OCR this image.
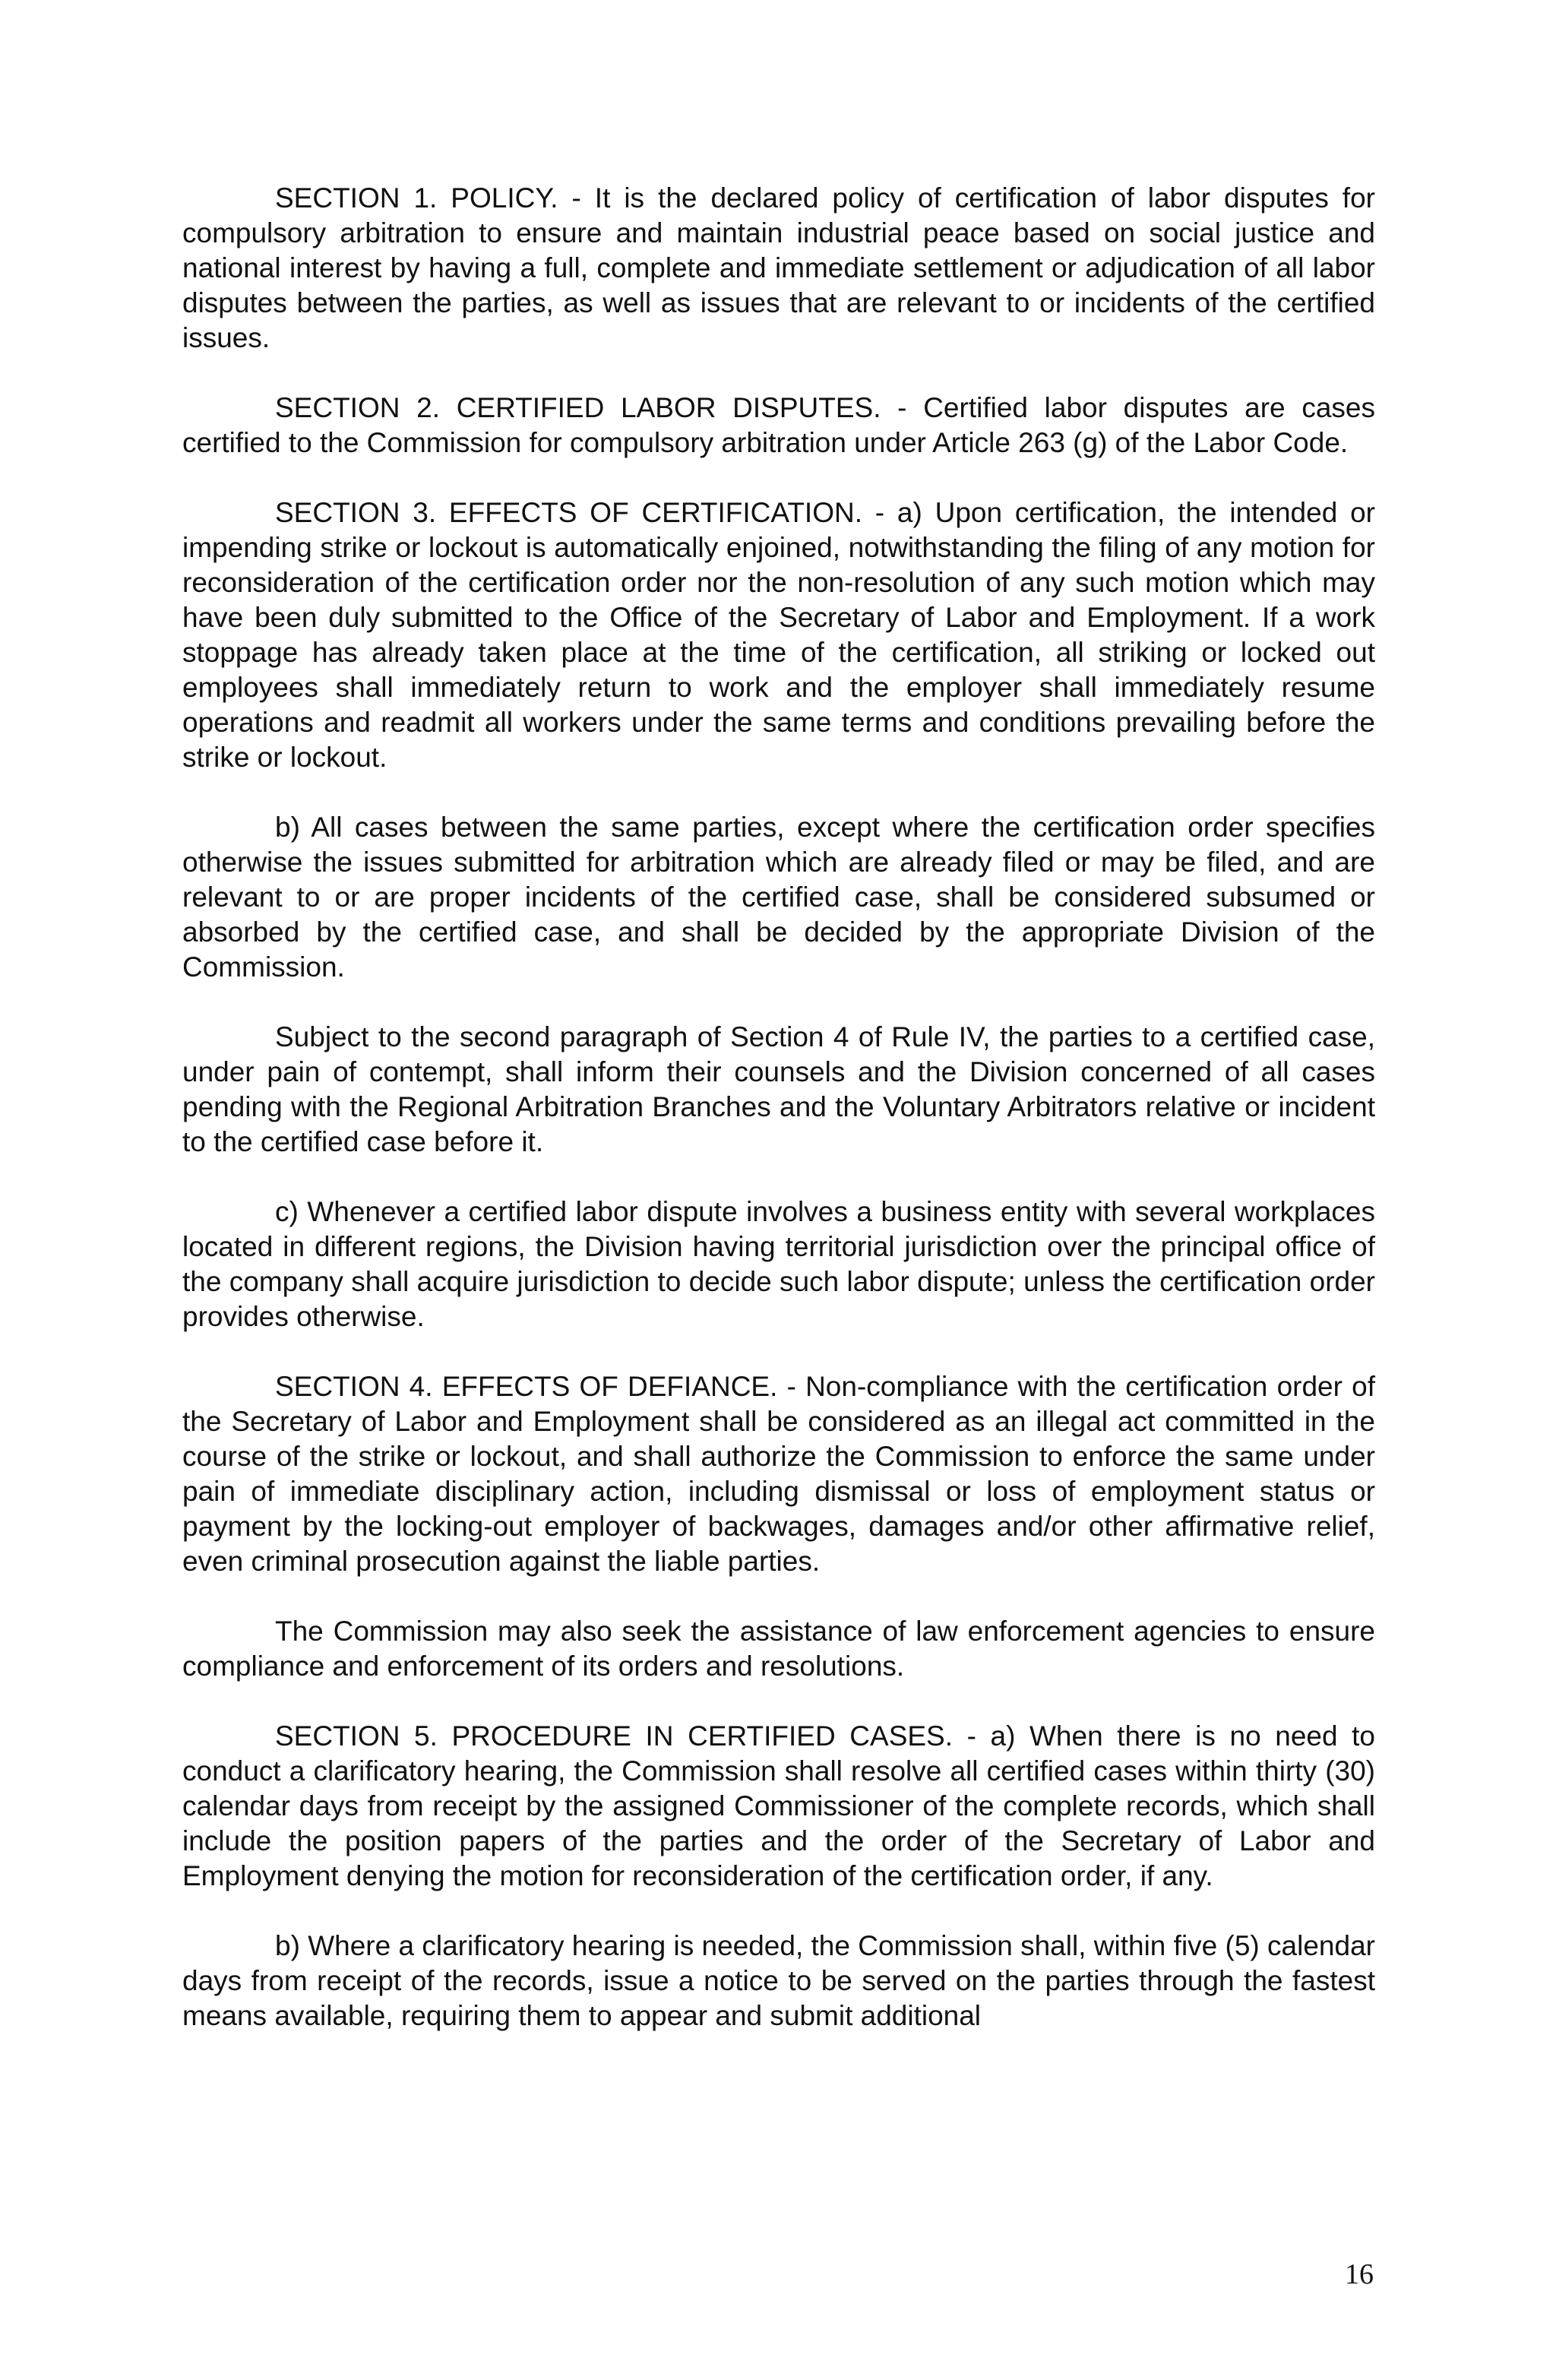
SECTION 1. POLICY. - It is the declared policy of certification of labor disputes for compulsory arbitration to ensure and maintain industrial peace based on social justice and national interest by having a full, complete and immediate settlement or adjudication of all labor disputes between the parties, as well as issues that are relevant to or incidents of the certified issues.

SECTION 2. CERTIFIED LABOR DISPUTES. - Certified labor disputes are cases certified to the Commission for compulsory arbitration under Article 263 (g) of the Labor Code.

SECTION 3. EFFECTS OF CERTIFICATION. - a) Upon certification, the intended or impending strike or lockout is automatically enjoined, notwithstanding the filing of any motion for reconsideration of the certification order nor the non-resolution of any such motion which may have been duly submitted to the Office of the Secretary of Labor and Employment. If a work stoppage has already taken place at the time of the certification, all striking or locked out employees shall immediately return to work and the employer shall immediately resume operations and readmit all workers under the same terms and conditions prevailing before the strike or lockout.

b) All cases between the same parties, except where the certification order specifies otherwise the issues submitted for arbitration which are already filed or may be filed, and are relevant to or are proper incidents of the certified case, shall be considered subsumed or absorbed by the certified case, and shall be decided by the appropriate Division of the Commission.

Subject to the second paragraph of Section 4 of Rule IV, the parties to a certified case, under pain of contempt, shall inform their counsels and the Division concerned of all cases pending with the Regional Arbitration Branches and the Voluntary Arbitrators relative or incident to the certified case before it.

c) Whenever a certified labor dispute involves a business entity with several workplaces located in different regions, the Division having territorial jurisdiction over the principal office of the company shall acquire jurisdiction to decide such labor dispute; unless the certification order provides otherwise.

SECTION 4. EFFECTS OF DEFIANCE. - Non-compliance with the certification order of the Secretary of Labor and Employment shall be considered as an illegal act committed in the course of the strike or lockout, and shall authorize the Commission to enforce the same under pain of immediate disciplinary action, including dismissal or loss of employment status or payment by the locking-out employer of backwages, damages and/or other affirmative relief, even criminal prosecution against the liable parties.

The Commission may also seek the assistance of law enforcement agencies to ensure compliance and enforcement of its orders and resolutions.

SECTION 5. PROCEDURE IN CERTIFIED CASES. - a) When there is no need to conduct a clarificatory hearing, the Commission shall resolve all certified cases within thirty (30) calendar days from receipt by the assigned Commissioner of the complete records, which shall include the position papers of the parties and the order of the Secretary of Labor and Employment denying the motion for reconsideration of the certification order, if any.

b) Where a clarificatory hearing is needed, the Commission shall, within five (5) calendar days from receipt of the records, issue a notice to be served on the parties through the fastest means available, requiring them to appear and submit additional

16
